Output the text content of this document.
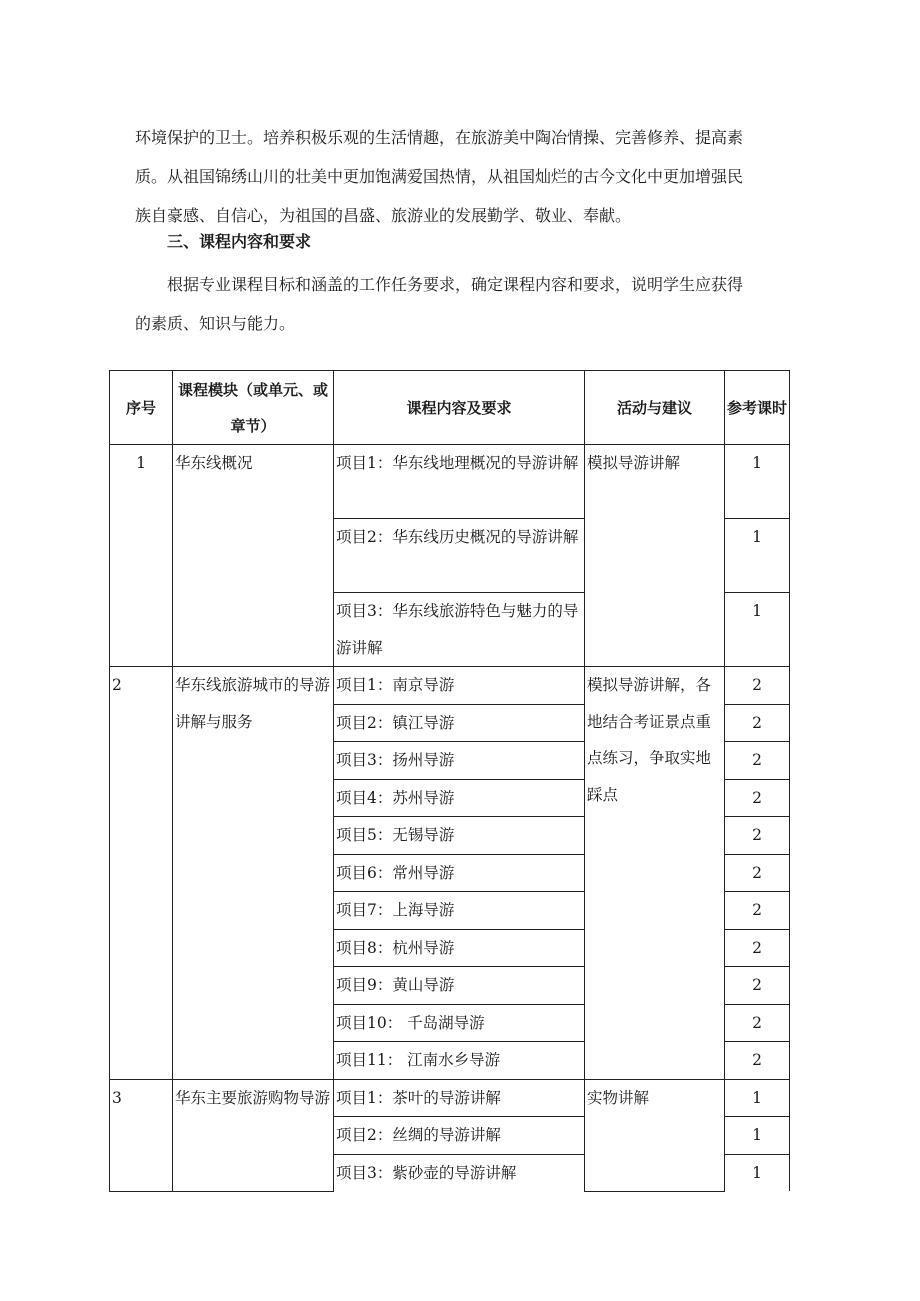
环境保护的卫士。培养积极乐观的生活情趣，在旅游美中陶冶情操、完善修养、提高素
质。从祖国锦绣山川的壮美中更加饱满爱国热情，从祖国灿烂的古今文化中更加增强民
族自豪感、自信心，为祖国的昌盛、旅游业的发展勤学、敬业、奉献。

三、课程内容和要求

根据专业课程目标和涵盖的工作任务要求，确定课程内容和要求，说明学生应获得
的素质、知识与能力。

序号	课程模块（或单元、或章节）	课程内容及要求	活动与建议	参考课时
1	华东线概况	项目1：华东线地理概况的导游讲解	模拟导游讲解	1
		项目2：华东线历史概况的导游讲解		1
		项目3：华东线旅游特色与魅力的导游讲解		1
2	华东线旅游城市的导游讲解与服务	项目1：南京导游	模拟导游讲解，各地结合考证景点重点练习，争取实地踩点	2
		项目2：镇江导游		2
		项目3：扬州导游		2
		项目4：苏州导游		2
		项目5：无锡导游		2
		项目6：常州导游		2
		项目7：上海导游		2
		项目8：杭州导游		2
		项目9：黄山导游		2
		项目10： 千岛湖导游		2
		项目11： 江南水乡导游		2
3	华东主要旅游购物导游	项目1：茶叶的导游讲解	实物讲解	1
		项目2：丝绸的导游讲解		1
		项目3：紫砂壶的导游讲解		1
